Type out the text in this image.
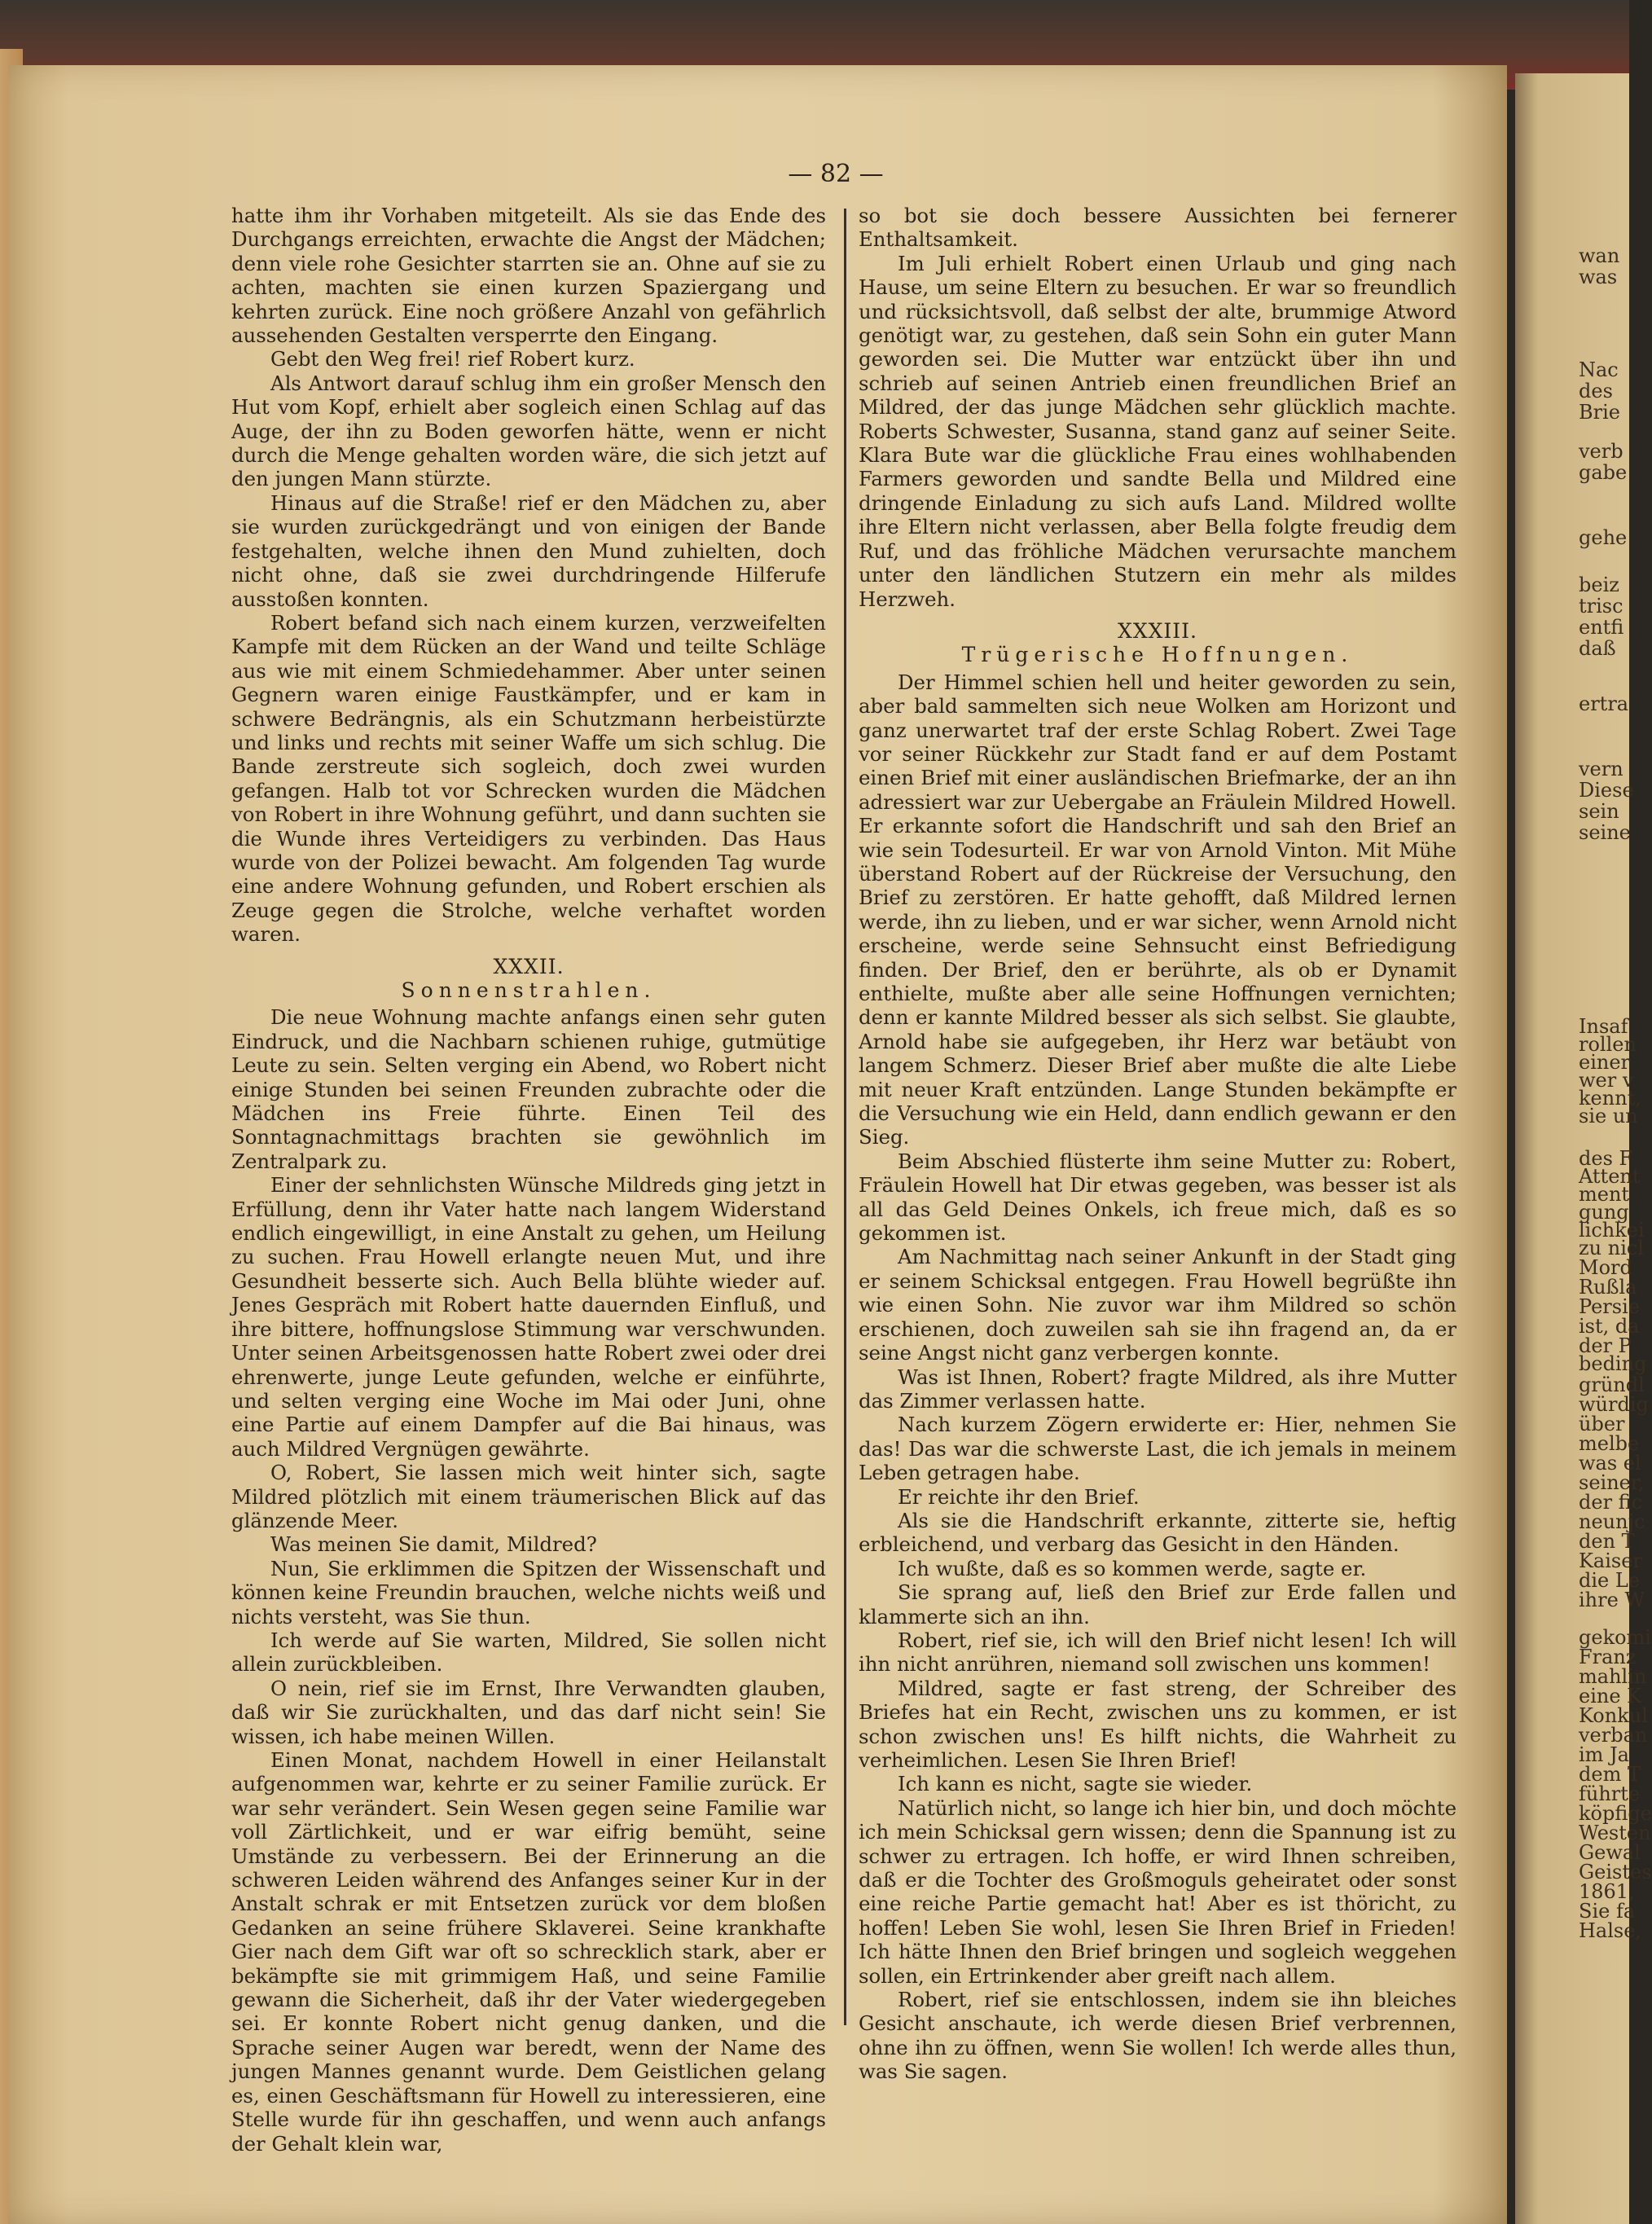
— 82 —

hatte ihm ihr Vorhaben mitgeteilt. Als sie das Ende des Durchgangs erreichten, erwachte die Angst der Mädchen; denn viele rohe Gesichter starrten sie an. Ohne auf sie zu achten, machten sie einen kurzen Spaziergang und kehrten zurück. Eine noch größere Anzahl von gefährlich aussehenden Gestalten versperrte den Eingang.

Gebt den Weg frei! rief Robert kurz.

Als Antwort darauf schlug ihm ein großer Mensch den Hut vom Kopf, erhielt aber sogleich einen Schlag auf das Auge, der ihn zu Boden geworfen hätte, wenn er nicht durch die Menge gehalten worden wäre, die sich jetzt auf den jungen Mann stürzte.

Hinaus auf die Straße! rief er den Mädchen zu, aber sie wurden zurückgedrängt und von einigen der Bande festgehalten, welche ihnen den Mund zuhielten, doch nicht ohne, daß sie zwei durchdringende Hilferufe ausstoßen konnten.

Robert befand sich nach einem kurzen, verzweifelten Kampfe mit dem Rücken an der Wand und teilte Schläge aus wie mit einem Schmiedehammer. Aber unter seinen Gegnern waren einige Faustkämpfer, und er kam in schwere Bedrängnis, als ein Schutzmann herbeistürzte und links und rechts mit seiner Waffe um sich schlug. Die Bande zerstreute sich sogleich, doch zwei wurden gefangen. Halb tot vor Schrecken wurden die Mädchen von Robert in ihre Wohnung geführt, und dann suchten sie die Wunde ihres Verteidigers zu verbinden. Das Haus wurde von der Polizei bewacht. Am folgenden Tag wurde eine andere Wohnung gefunden, und Robert erschien als Zeuge gegen die Strolche, welche verhaftet worden waren.

XXXII.

Sonnenstrahlen.

Die neue Wohnung machte anfangs einen sehr guten Eindruck, und die Nachbarn schienen ruhige, gutmütige Leute zu sein. Selten verging ein Abend, wo Robert nicht einige Stunden bei seinen Freunden zubrachte oder die Mädchen ins Freie führte. Einen Teil des Sonntagnachmittags brachten sie gewöhnlich im Zentralpark zu.

Einer der sehnlichsten Wünsche Mildreds ging jetzt in Erfüllung, denn ihr Vater hatte nach langem Widerstand endlich eingewilligt, in eine Anstalt zu gehen, um Heilung zu suchen. Frau Howell erlangte neuen Mut, und ihre Gesundheit besserte sich. Auch Bella blühte wieder auf. Jenes Gespräch mit Robert hatte dauernden Einfluß, und ihre bittere, hoffnungslose Stimmung war verschwunden. Unter seinen Arbeitsgenossen hatte Robert zwei oder drei ehrenwerte, junge Leute gefunden, welche er einführte, und selten verging eine Woche im Mai oder Juni, ohne eine Partie auf einem Dampfer auf die Bai hinaus, was auch Mildred Vergnügen gewährte.

O, Robert, Sie lassen mich weit hinter sich, sagte Mildred plötzlich mit einem träumerischen Blick auf das glänzende Meer.

Was meinen Sie damit, Mildred?

Nun, Sie erklimmen die Spitzen der Wissenschaft und können keine Freundin brauchen, welche nichts weiß und nichts versteht, was Sie thun.

Ich werde auf Sie warten, Mildred, Sie sollen nicht allein zurückbleiben.

O nein, rief sie im Ernst, Ihre Verwandten glauben, daß wir Sie zurückhalten, und das darf nicht sein! Sie wissen, ich habe meinen Willen.

Einen Monat, nachdem Howell in einer Heilanstalt aufgenommen war, kehrte er zu seiner Familie zurück. Er war sehr verändert. Sein Wesen gegen seine Familie war voll Zärtlichkeit, und er war eifrig bemüht, seine Umstände zu verbessern. Bei der Erinnerung an die schweren Leiden während des Anfanges seiner Kur in der Anstalt schrak er mit Entsetzen zurück vor dem bloßen Gedanken an seine frühere Sklaverei. Seine krankhafte Gier nach dem Gift war oft so schrecklich stark, aber er bekämpfte sie mit grimmigem Haß, und seine Familie gewann die Sicherheit, daß ihr der Vater wiedergegeben sei. Er konnte Robert nicht genug danken, und die Sprache seiner Augen war beredt, wenn der Name des jungen Mannes genannt wurde. Dem Geistlichen gelang es, einen Geschäftsmann für Howell zu interessieren, eine Stelle wurde für ihn geschaffen, und wenn auch anfangs der Gehalt klein war,

so bot sie doch bessere Aussichten bei fernerer Enthaltsamkeit.

Im Juli erhielt Robert einen Urlaub und ging nach Hause, um seine Eltern zu besuchen. Er war so freundlich und rücksichtsvoll, daß selbst der alte, brummige Atword genötigt war, zu gestehen, daß sein Sohn ein guter Mann geworden sei. Die Mutter war entzückt über ihn und schrieb auf seinen Antrieb einen freundlichen Brief an Mildred, der das junge Mädchen sehr glücklich machte. Roberts Schwester, Susanna, stand ganz auf seiner Seite. Klara Bute war die glückliche Frau eines wohlhabenden Farmers geworden und sandte Bella und Mildred eine dringende Einladung zu sich aufs Land. Mildred wollte ihre Eltern nicht verlassen, aber Bella folgte freudig dem Ruf, und das fröhliche Mädchen verursachte manchem unter den ländlichen Stutzern ein mehr als mildes Herzweh.

XXXIII.

Trügerische Hoffnungen.

Der Himmel schien hell und heiter geworden zu sein, aber bald sammelten sich neue Wolken am Horizont und ganz unerwartet traf der erste Schlag Robert. Zwei Tage vor seiner Rückkehr zur Stadt fand er auf dem Postamt einen Brief mit einer ausländischen Briefmarke, der an ihn adressiert war zur Uebergabe an Fräulein Mildred Howell. Er erkannte sofort die Handschrift und sah den Brief an wie sein Todesurteil. Er war von Arnold Vinton. Mit Mühe überstand Robert auf der Rückreise der Versuchung, den Brief zu zerstören. Er hatte gehofft, daß Mildred lernen werde, ihn zu lieben, und er war sicher, wenn Arnold nicht erscheine, werde seine Sehnsucht einst Befriedigung finden. Der Brief, den er berührte, als ob er Dynamit enthielte, mußte aber alle seine Hoffnungen vernichten; denn er kannte Mildred besser als sich selbst. Sie glaubte, Arnold habe sie aufgegeben, ihr Herz war betäubt von langem Schmerz. Dieser Brief aber mußte die alte Liebe mit neuer Kraft entzünden. Lange Stunden bekämpfte er die Versuchung wie ein Held, dann endlich gewann er den Sieg.

Beim Abschied flüsterte ihm seine Mutter zu: Robert, Fräulein Howell hat Dir etwas gegeben, was besser ist als all das Geld Deines Onkels, ich freue mich, daß es so gekommen ist.

Am Nachmittag nach seiner Ankunft in der Stadt ging er seinem Schicksal entgegen. Frau Howell begrüßte ihn wie einen Sohn. Nie zuvor war ihm Mildred so schön erschienen, doch zuweilen sah sie ihn fragend an, da er seine Angst nicht ganz verbergen konnte.

Was ist Ihnen, Robert? fragte Mildred, als ihre Mutter das Zimmer verlassen hatte.

Nach kurzem Zögern erwiderte er: Hier, nehmen Sie das! Das war die schwerste Last, die ich jemals in meinem Leben getragen habe.

Er reichte ihr den Brief.

Als sie die Handschrift erkannte, zitterte sie, heftig erbleichend, und verbarg das Gesicht in den Händen.

Ich wußte, daß es so kommen werde, sagte er.

Sie sprang auf, ließ den Brief zur Erde fallen und klammerte sich an ihn.

Robert, rief sie, ich will den Brief nicht lesen! Ich will ihn nicht anrühren, niemand soll zwischen uns kommen!

Mildred, sagte er fast streng, der Schreiber des Briefes hat ein Recht, zwischen uns zu kommen, er ist schon zwischen uns! Es hilft nichts, die Wahrheit zu verheimlichen. Lesen Sie Ihren Brief!

Ich kann es nicht, sagte sie wieder.

Natürlich nicht, so lange ich hier bin, und doch möchte ich mein Schicksal gern wissen; denn die Spannung ist zu schwer zu ertragen. Ich hoffe, er wird Ihnen schreiben, daß er die Tochter des Großmoguls geheiratet oder sonst eine reiche Partie gemacht hat! Aber es ist thöricht, zu hoffen! Leben Sie wohl, lesen Sie Ihren Brief in Frieden! Ich hätte Ihnen den Brief bringen und sogleich weggehen sollen, ein Ertrinkender aber greift nach allem.

Robert, rief sie entschlossen, indem sie ihn bleiches Gesicht anschaute, ich werde diesen Brief verbrennen, ohne ihn zu öffnen, wenn Sie wollen! Ich werde alles thun, was Sie sagen.

wan
was
Nac
des
Brie
verb
gabe
gehe
beiz
trisc
entfi
daß
ertra
vern
Diese
sein
seine
Insaf
rollen
einer
wer v
kennt,
sie un
des F
Attent
ment
gung
lichkei
zu nicl
Mord
Rußla
Persie
ist, da
der P
beding
gründl
würdig
über
melbe
was el
seiner,
der fic
neunjc
den T
Kaiser
die Le
ihre W
gekomi
Franz
mahlin
eine K
Konkul
verban
im Ja
dem T
führte
köpfige
Westen
Gewal
Geistes
1861,
Sie fa
Halse,
